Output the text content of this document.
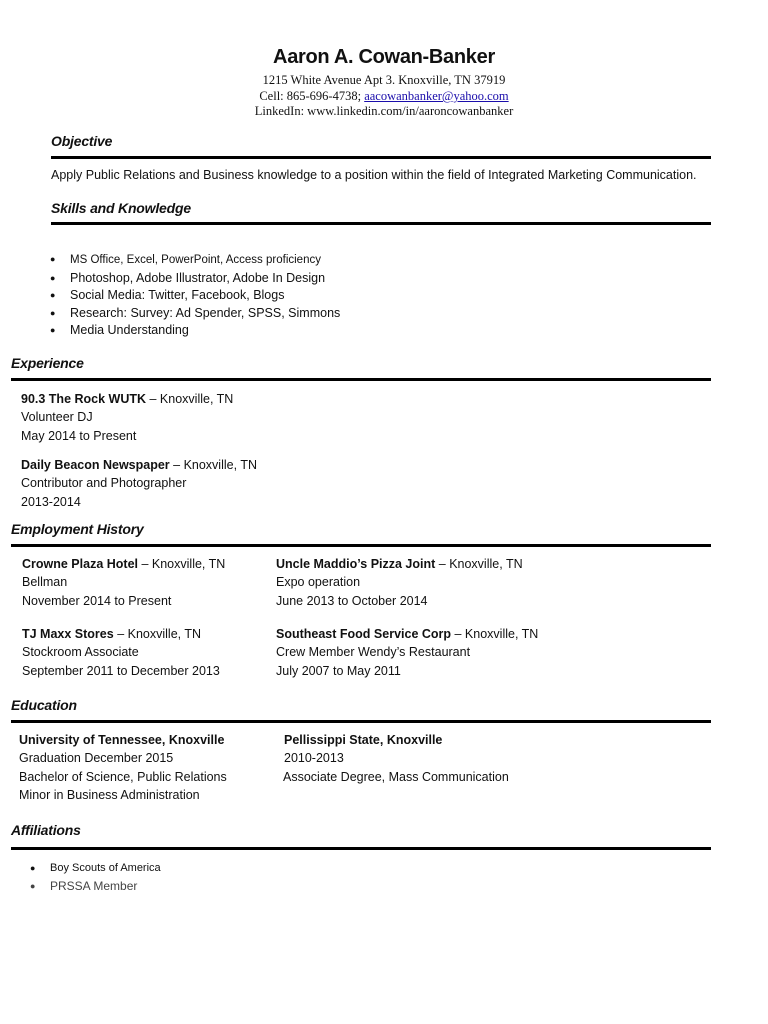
Aaron A. Cowan-Banker
1215 White Avenue Apt 3. Knoxville, TN 37919
Cell: 865-696-4738; aacowanbanker@yahoo.com
LinkedIn: www.linkedin.com/in/aaroncowanbanker
Objective
Apply Public Relations and Business knowledge to a position within the field of Integrated Marketing Communication.
Skills and Knowledge
● MS Office, Excel, PowerPoint, Access proficiency
● Photoshop, Adobe Illustrator, Adobe In Design
● Social Media: Twitter, Facebook, Blogs
● Research: Survey: Ad Spender, SPSS, Simmons
● Media Understanding
Experience
90.3 The Rock WUTK – Knoxville, TN
Volunteer DJ
May 2014 to Present
Daily Beacon Newspaper – Knoxville, TN
Contributor and Photographer
2013-2014
Employment History
Crowne Plaza Hotel – Knoxville, TN
Bellman
November 2014 to Present
Uncle Maddio’s Pizza Joint – Knoxville, TN
Expo operation
June 2013 to October 2014
TJ Maxx Stores – Knoxville, TN
Stockroom Associate
September 2011 to December 2013
Southeast Food Service Corp – Knoxville, TN
Crew Member Wendy’s Restaurant
July 2007 to May 2011
Education
University of Tennessee, Knoxville
Graduation December 2015
Bachelor of Science, Public Relations
Minor in Business Administration
Pellissippi State, Knoxville
2010-2013
Associate Degree, Mass Communication
Affiliations
● Boy Scouts of America
● PRSSA Member
